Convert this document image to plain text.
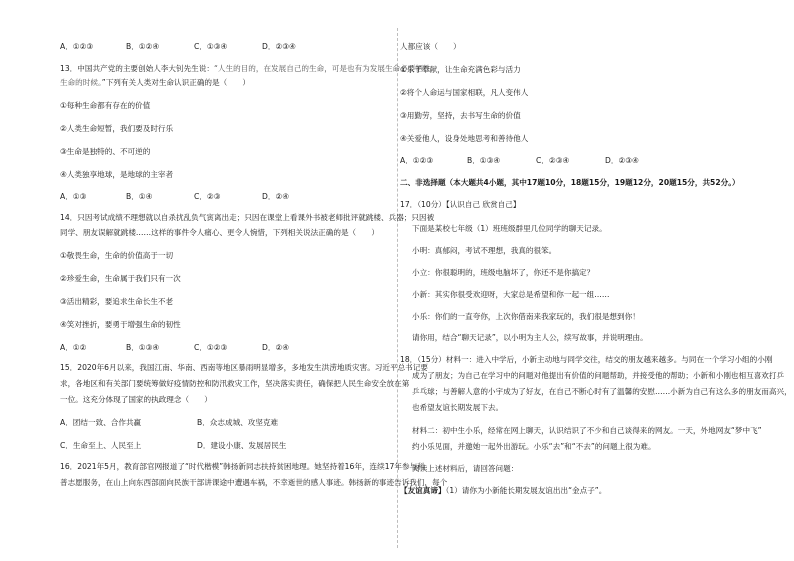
A．①②③	B．①②④	C．①③④	D．②③④
13．中国共产党的主要创始人李大钊先生说：“人生的目的，在发展自己的生命，可是也有为发展生命必要牺牲
生命的时候。”下列有关人类对生命认识正确的是（　　）
①每种生命都有存在的价值
②人类生命短暂，我们要及时行乐
③生命是独特的、不可逆的
④人类独享地球，是地球的主宰者
A．①③	B．①④	C．②③	D．②④
14．只因考试成绩不理想就以自杀扰乱负气寅离出走；只因在课堂上看课外书被老师批评就跳楼、兵器；只因被
同学、朋友误解就跳楼……这样的事件令人痛心、更令人惋惜，下列相关说法正确的是（　　）
①敬畏生命，生命的价值高于一切
②珍爱生命，生命属于我们只有一次
③活出精彩，要追求生命长生不老
④笑对挫折，要勇于增强生命的韧性
A．①②	B．①③④	C．①②③	D．②④
15．2020年6月以来，我国江南、华南、西南等地区暴雨明显增多，多地发生洪涝地质灾害。习近平总书记要
求，各地区和有关部门要统筹做好疫情防控和防汛救灾工作，坚决落实责任，确保把人民生命安全放在第
一位。这充分体现了国家的执政理念（　　）
A．团结一致、合作共赢	B．众志成城、攻坚克难
C．生命至上、人民至上	D．建设小康、发展居民生
16．2021年5月，教育部官网报道了“时代楷模”韩扬新同志扶持贫困地理。她坚持着16年，连续17年参与科
普志愿服务，在山上向东西部面向民族干部讲课途中遭遇车祸，不幸逝世的感人事迹。韩扬新的事迹告诉我们，每个
人都应该（　　）
①乐于奉献，让生命充满色彩与活力
②将个人命运与国家相联，凡人变伟人
③用勤劳，坚持，去书写生命的价值
④关爱他人，设身处地思考和善待他人
A．①②③	B．①③④	C．②③④	D．②③④
二、非选择题（本大题共4小题，其中17题10分，18题15分，19题12分，20题15分，共52分。）
17．（10分）【认识自己 欣赏自己】
下面是某校七年级（1）班班级群里几位同学的聊天记录。
小明：真郁闷，考试不理想，我真的很笨。
小立：你很聪明的，班级电脑坏了，你还不是你搞定？
小新：其实你很受欢迎呀，大家总是希望和你一起一组……
小乐：你们的一直夸你，上次你借南来我家玩的，我们很是想到你！
请你用，结合“聊天记录”，以小明为主人公，续写故事，并说明理由。
18．（15分）材料一：进入中学后，小新主动地与同学交往，结交的朋友越来越多。与同在一个学习小组的小刚
成为了朋友；为自己在学习中的问题对他提出有价值的问题帮助，并接受他的帮助；小新和小刚也相互喜欢打乒
乒乓球；与善解人意的小宇成为了好友，在自己不断心时有了温馨的安慰……小新为自己有这么多的朋友而高兴，
也希望友谊长期发展下去。
材料二：初中生小乐，经常在网上聊天，认识结识了不少和自己谈得来的网友。一天，外地网友“梦中飞”
约小乐见面，并邀她一起外出游玩。小乐“去”和“不去”的问题上很为难。
阅读上述材料后，请回答问题：
【友谊真谛】（1）请你为小新能长期发展友谊出出“金点子”。
